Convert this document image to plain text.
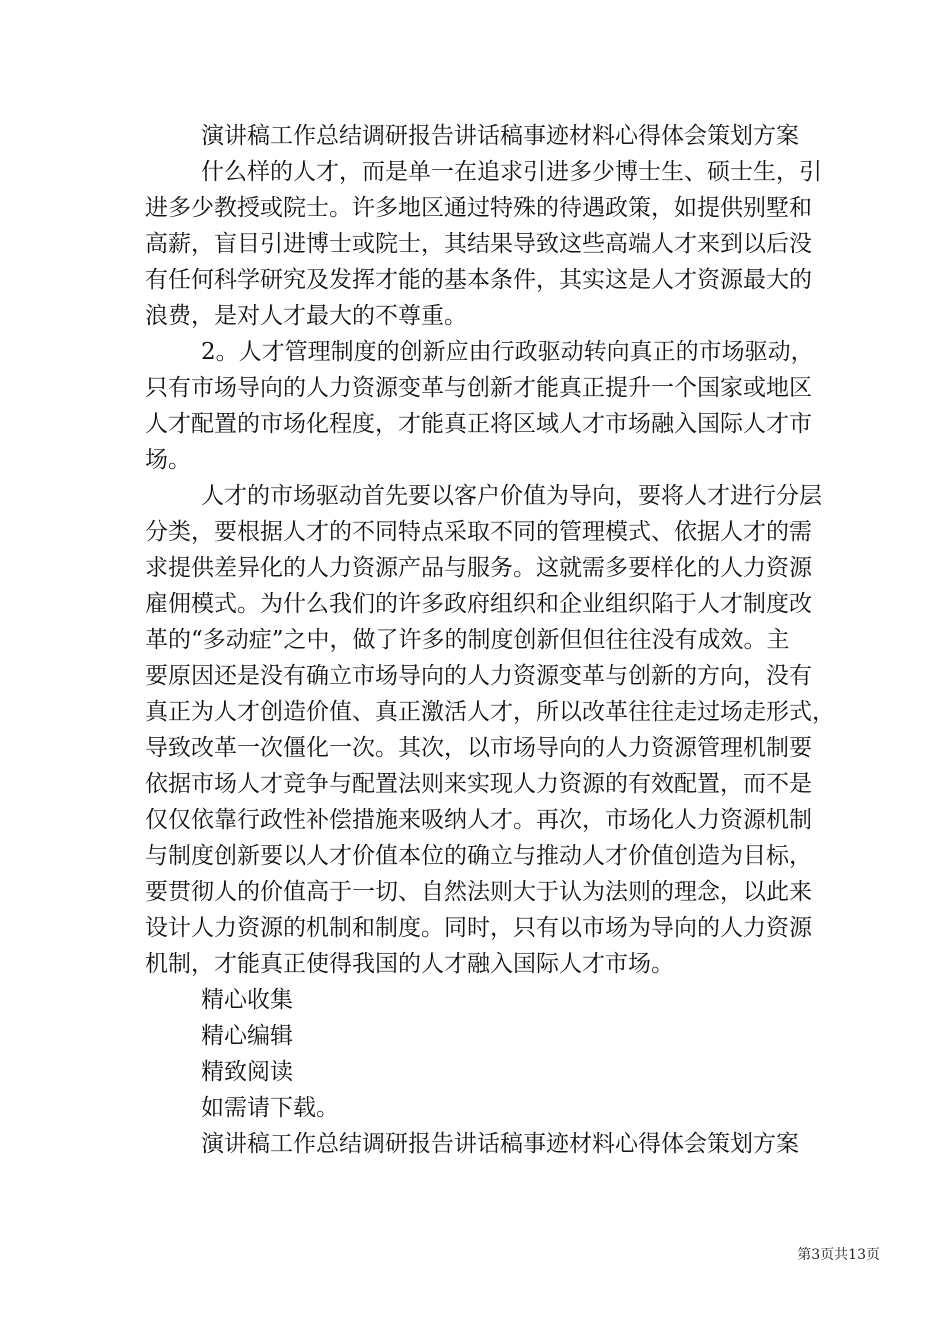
演讲稿工作总结调研报告讲话稿事迹材料心得体会策划方案

什么样的人才，而是单一在追求引进多少博士生、硕士生，引
进多少教授或院士。许多地区通过特殊的待遇政策，如提供别墅和
高薪，盲目引进博士或院士，其结果导致这些高端人才来到以后没
有任何科学研究及发挥才能的基本条件，其实这是人才资源最大的
浪费，是对人才最大的不尊重。
2。人才管理制度的创新应由行政驱动转向真正的市场驱动，
只有市场导向的人力资源变革与创新才能真正提升一个国家或地区
人才配置的市场化程度，才能真正将区域人才市场融入国际人才市
场。
人才的市场驱动首先要以客户价值为导向，要将人才进行分层
分类，要根据人才的不同特点采取不同的管理模式、依据人才的需
求提供差异化的人力资源产品与服务。这就需多要样化的人力资源
雇佣模式。为什么我们的许多政府组织和企业组织陷于人才制度改
革的“多动症”之中，做了许多的制度创新但但往往没有成效。主
要原因还是没有确立市场导向的人力资源变革与创新的方向，没有
真正为人才创造价值、真正激活人才，所以改革往往走过场走形式，
导致改革一次僵化一次。其次，以市场导向的人力资源管理机制要
依据市场人才竞争与配置法则来实现人力资源的有效配置，而不是
仅仅依靠行政性补偿措施来吸纳人才。再次，市场化人力资源机制
与制度创新要以人才价值本位的确立与推动人才价值创造为目标，
要贯彻人的价值高于一切、自然法则大于认为法则的理念，以此来
设计人力资源的机制和制度。同时，只有以市场为导向的人力资源
机制，才能真正使得我国的人才融入国际人才市场。

精心收集

精心编辑

精致阅读

如需请下载。

演讲稿工作总结调研报告讲话稿事迹材料心得体会策划方案

第3页共13页
